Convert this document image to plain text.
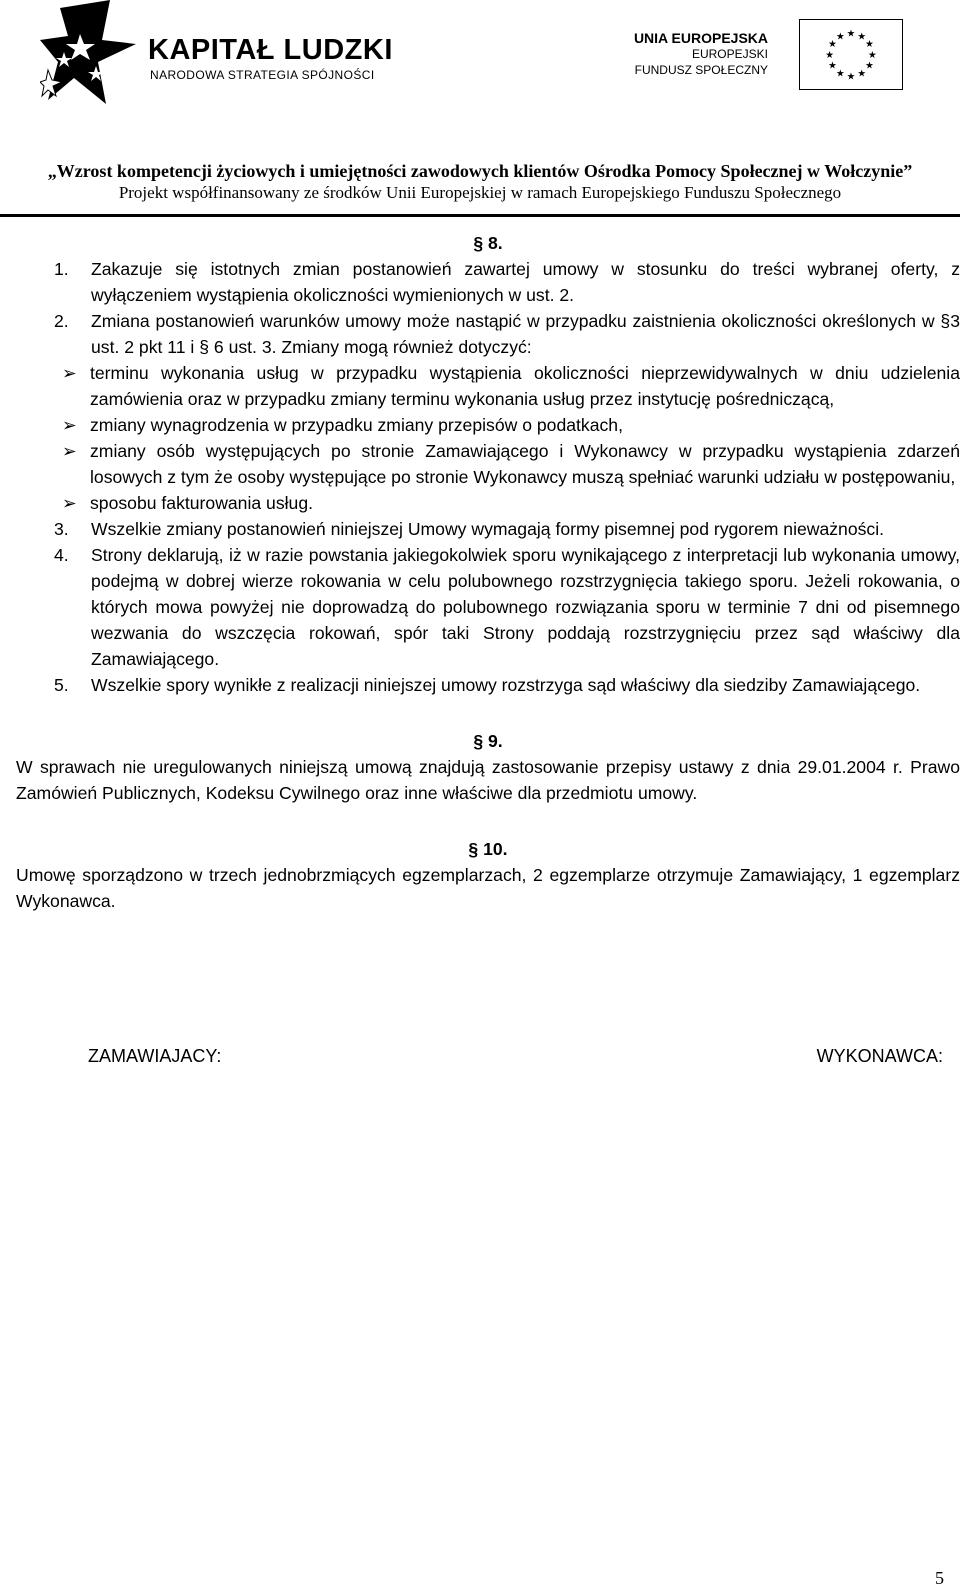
KAPITAŁ LUDZKI
NARODOWA STRATEGIA SPÓJNOŚCI
UNIA EUROPEJSKA
EUROPEJSKI
FUNDUSZ SPOŁECZNY
★ ★
★
★
★
★
★
★
★
★
★
★
„Wzrost kompetencji życiowych i umiejętności zawodowych klientów Ośrodka Pomocy Społecznej w Wołczynie”
Projekt współfinansowany ze środków Unii Europejskiej w ramach Europejskiego Funduszu Społecznego

§ 8.

1.	Zakazuje się istotnych zmian postanowień zawartej umowy w stosunku do treści wybranej oferty, z wyłączeniem wystąpienia okoliczności wymienionych w ust. 2.
2.	Zmiana postanowień warunków umowy może nastąpić w przypadku zaistnienia okoliczności określonych w §3 ust. 2 pkt 11 i § 6 ust. 3. Zmiany mogą również dotyczyć:
➢ terminu wykonania usług w przypadku wystąpienia okoliczności nieprzewidywalnych w dniu udzielenia zamówienia oraz w przypadku zmiany terminu wykonania usług przez instytucję pośredniczącą,
➢ zmiany wynagrodzenia w przypadku zmiany przepisów o podatkach,
➢ zmiany osób występujących po stronie Zamawiającego i Wykonawcy w przypadku wystąpienia zdarzeń losowych z tym że osoby występujące po stronie Wykonawcy muszą spełniać warunki udziału w postępowaniu,
➢ sposobu fakturowania usług.
3.	Wszelkie zmiany postanowień niniejszej Umowy wymagają formy pisemnej pod rygorem nieważności.
4.	Strony deklarują, iż w razie powstania jakiegokolwiek sporu wynikającego z interpretacji lub wykonania umowy, podejmą w dobrej wierze rokowania w celu polubownego rozstrzygnięcia takiego sporu. Jeżeli rokowania, o których mowa powyżej nie doprowadzą do polubownego rozwiązania sporu w terminie 7 dni od pisemnego wezwania do wszczęcia rokowań, spór taki Strony poddają rozstrzygnięciu przez sąd właściwy dla Zamawiającego.
5.	Wszelkie spory wynikłe z realizacji niniejszej umowy rozstrzyga sąd właściwy dla siedziby Zamawiającego.

§ 9.

W sprawach nie uregulowanych niniejszą umową znajdują zastosowanie przepisy ustawy z dnia 29.01.2004 r. Prawo Zamówień Publicznych, Kodeksu Cywilnego oraz inne właściwe dla przedmiotu umowy.

§ 10.

Umowę sporządzono w trzech jednobrzmiących egzemplarzach, 2 egzemplarze otrzymuje Zamawiający, 1 egzemplarz Wykonawca.

ZAMAWIAJACY:	WYKONAWCA:
5
